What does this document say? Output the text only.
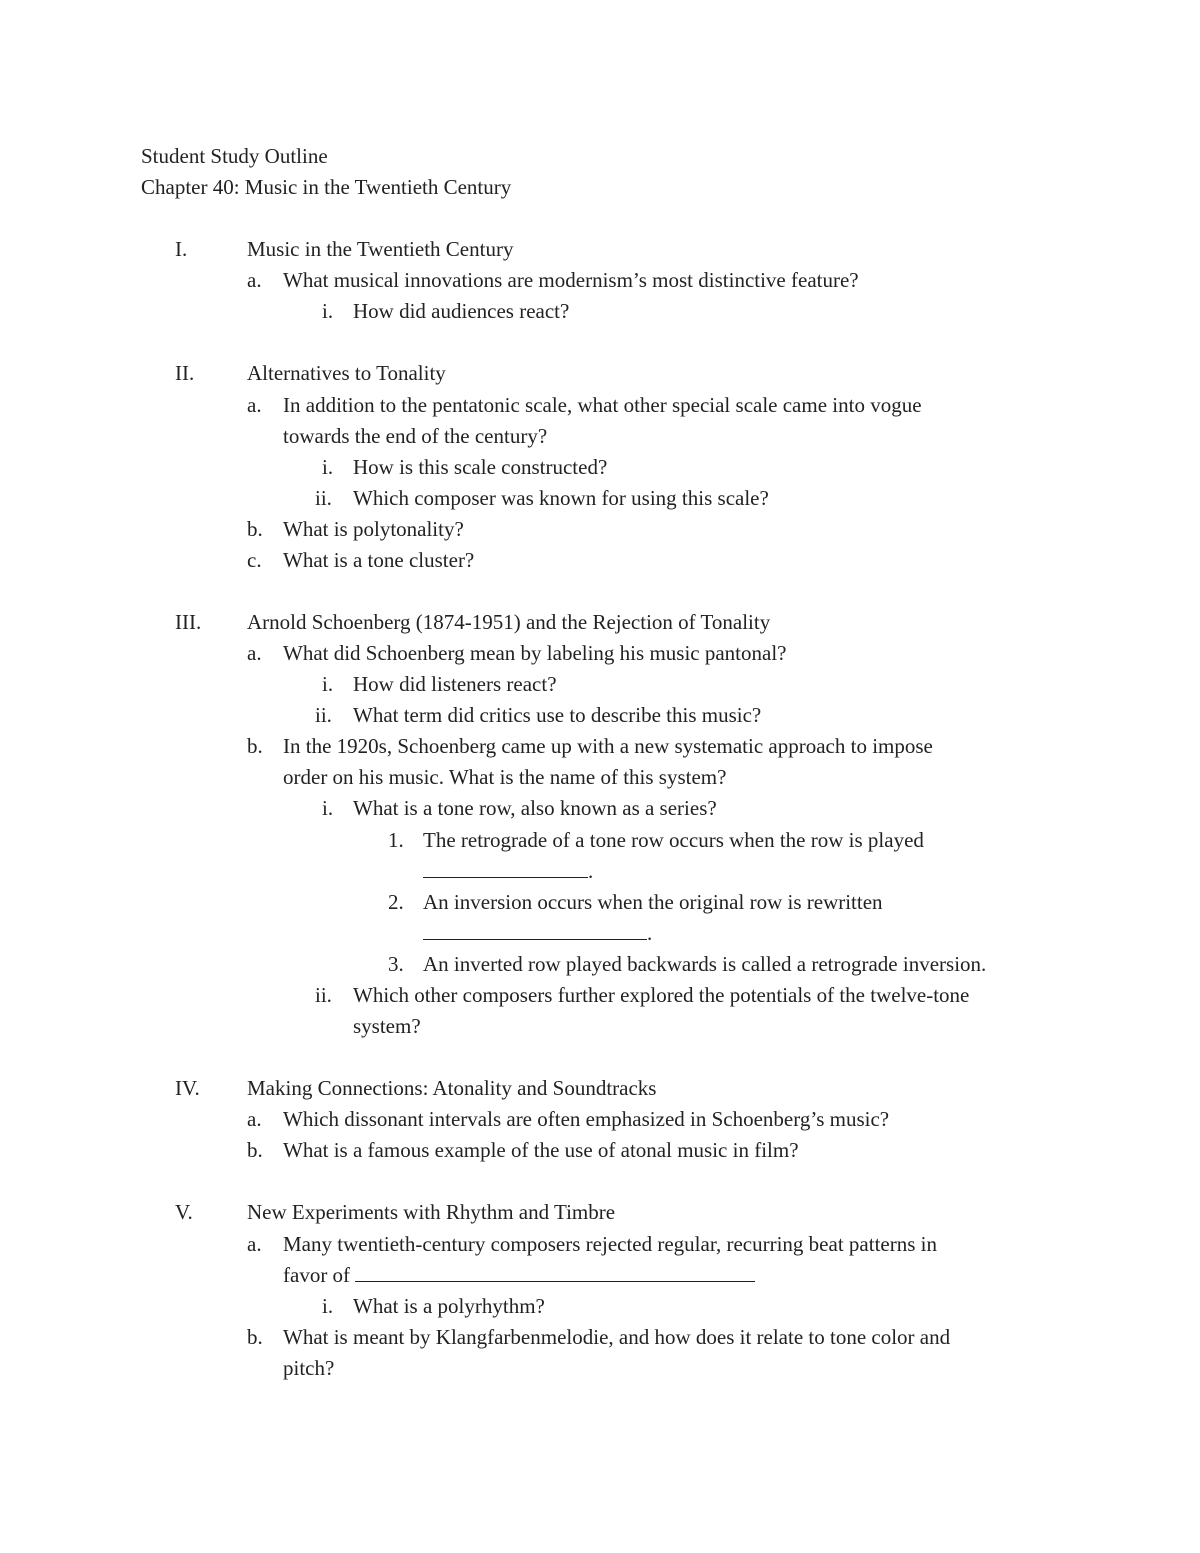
Student Study Outline
Chapter 40: Music in the Twentieth Century
I.	Music in the Twentieth Century
a. What musical innovations are modernism’s most distinctive feature?
i. How did audiences react?
II.	Alternatives to Tonality
a. In addition to the pentatonic scale, what other special scale came into vogue
towards the end of the century?
i. How is this scale constructed?
ii. Which composer was known for using this scale?
b. What is polytonality?
c. What is a tone cluster?
III. Arnold Schoenberg (1874-1951) and the Rejection of Tonality
a. What did Schoenberg mean by labeling his music pantonal?
i. How did listeners react?
ii. What term did critics use to describe this music?
b. In the 1920s, Schoenberg came up with a new systematic approach to impose
order on his music. What is the name of this system?
i. What is a tone row, also known as a series?
1. The retrograde of a tone row occurs when the row is played
.
2. An inversion occurs when the original row is rewritten
.
3. An inverted row played backwards is called a retrograde inversion.
ii. Which other composers further explored the potentials of the twelve-tone
system?
IV. Making Connections: Atonality and Soundtracks
a. Which dissonant intervals are often emphasized in Schoenberg’s music?
b. What is a famous example of the use of atonal music in film?
V.	New Experiments with Rhythm and Timbre
a. Many twentieth-century composers rejected regular, recurring beat patterns in
favor of
i. What is a polyrhythm?
b. What is meant by Klangfarbenmelodie, and how does it relate to tone color and
pitch?
